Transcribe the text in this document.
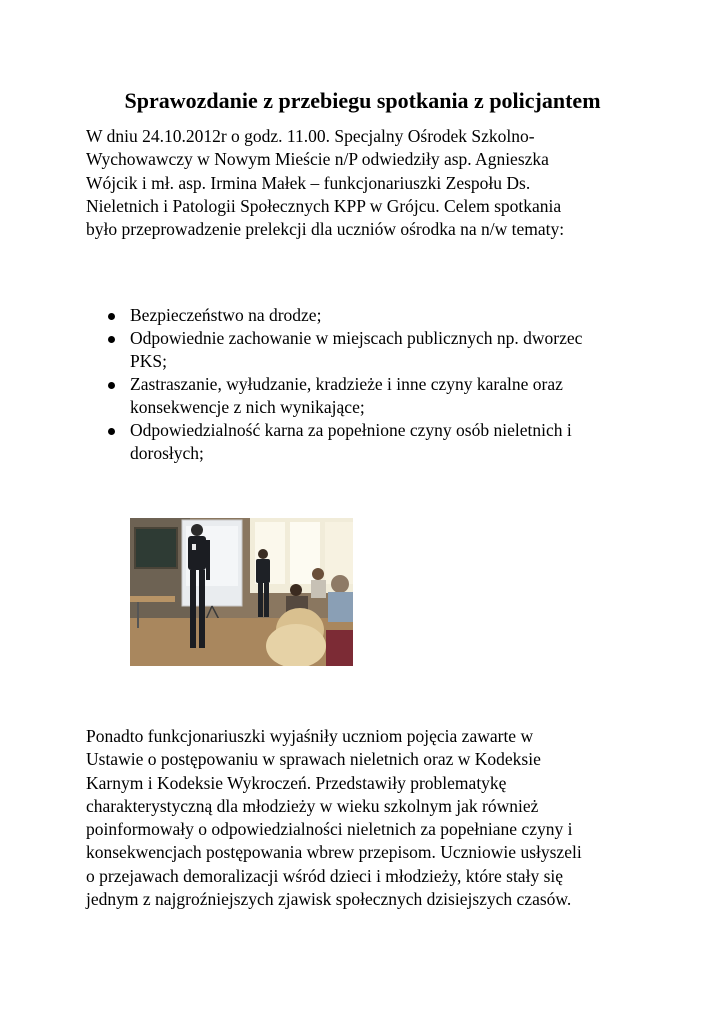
Sprawozdanie z przebiegu spotkania z policjantem

W dniu 24.10.2012r o godz. 11.00. Specjalny Ośrodek Szkolno-
Wychowawczy w Nowym Mieście n/P odwiedziły asp. Agnieszka
Wójcik i mł. asp. Irmina Małek – funkcjonariuszki Zespołu Ds.
Nieletnich i Patologii Społecznych KPP w Grójcu. Celem spotkania
było przeprowadzenie prelekcji dla uczniów ośrodka na n/w tematy:

Bezpieczeństwo na drodze;
Odpowiednie zachowanie w miejscach publicznych np. dworzec
PKS;
Zastraszanie, wyłudzanie, kradzieże i inne czyny karalne oraz
konsekwencje z nich wynikające;
Odpowiedzialność karna za popełnione czyny osób nieletnich i
dorosłych;

Ponadto funkcjonariuszki wyjaśniły uczniom pojęcia zawarte w
Ustawie o postępowaniu w sprawach nieletnich oraz w Kodeksie
Karnym i Kodeksie Wykroczeń. Przedstawiły problematykę
charakterystyczną dla młodzieży w wieku szkolnym jak również
poinformowały o odpowiedzialności nieletnich za popełniane czyny i
konsekwencjach postępowania wbrew przepisom. Uczniowie usłyszeli
o przejawach demoralizacji wśród dzieci i młodzieży, które stały się
jednym z najgroźniejszych zjawisk społecznych dzisiejszych czasów.
